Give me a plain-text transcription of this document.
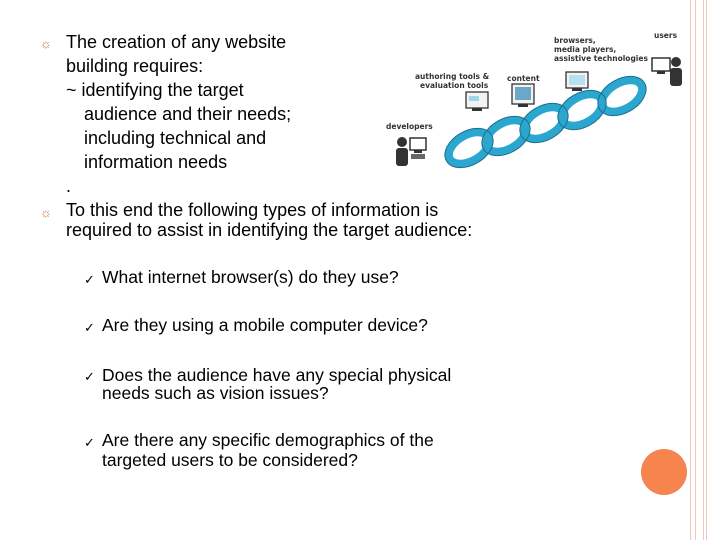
☼ The creation of any website
building requires:
~ identifying the target
audience and their needs;
including technical and
information needs
.
☼ To this end the following types of information is
required to assist in identifying the target audience:
✓ What internet browser(s) do they use?
✓ Are they using a mobile computer device?
✓ Does the audience have any special physical
needs such as vision issues?
✓ Are there any specific demographics of the
targeted users to be considered?
users
browsers,
media players,
assistive technologies
authoring tools &
evaluation tools
content
developers
